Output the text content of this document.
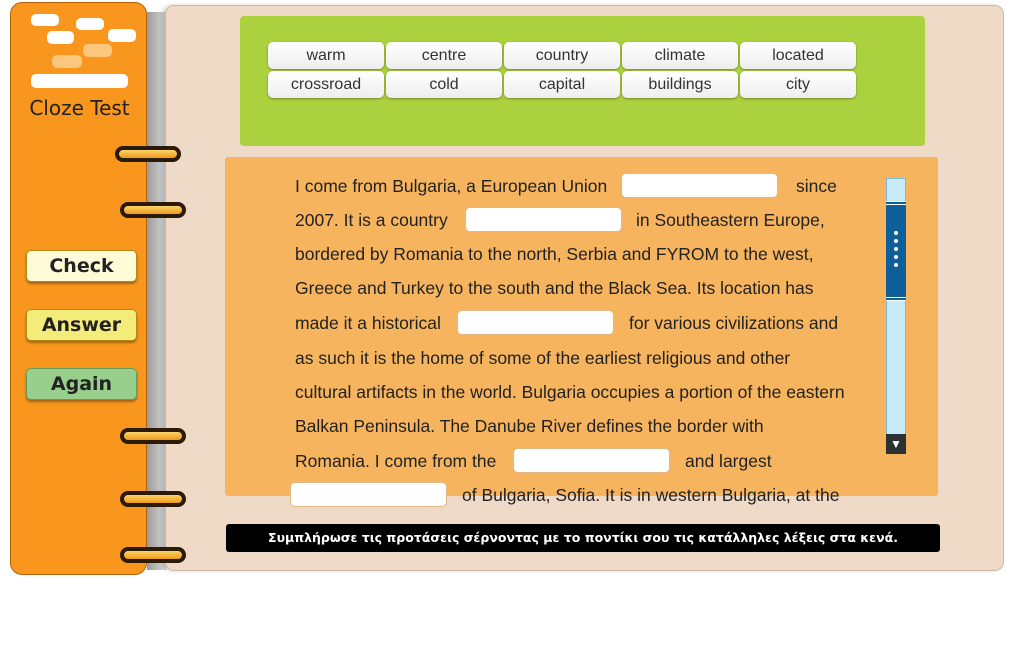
Cloze Test
Check
Answer
Again
warm	centre	country	climate	located
crossroad	cold	capital	buildings	city
I come from Bulgaria, a European Union	since
2007. It is a country	in Southeastern Europe,
bordered by Romania to the north, Serbia and FYROM to the west,
Greece and Turkey to the south and the Black Sea. Its location has
made it a historical	for various civilizations and
as such it is the home of some of the earliest religious and other
cultural artifacts in the world. Bulgaria occupies a portion of the eastern
Balkan Peninsula. The Danube River defines the border with
Romania. I come from the	and largest
of Bulgaria, Sofia. It is in western Bulgaria, at the
▼
Συμπλήρωσε τις προτάσεις σέρνοντας με το ποντίκι σου τις κατάλληλες λέξεις στα κενά.
